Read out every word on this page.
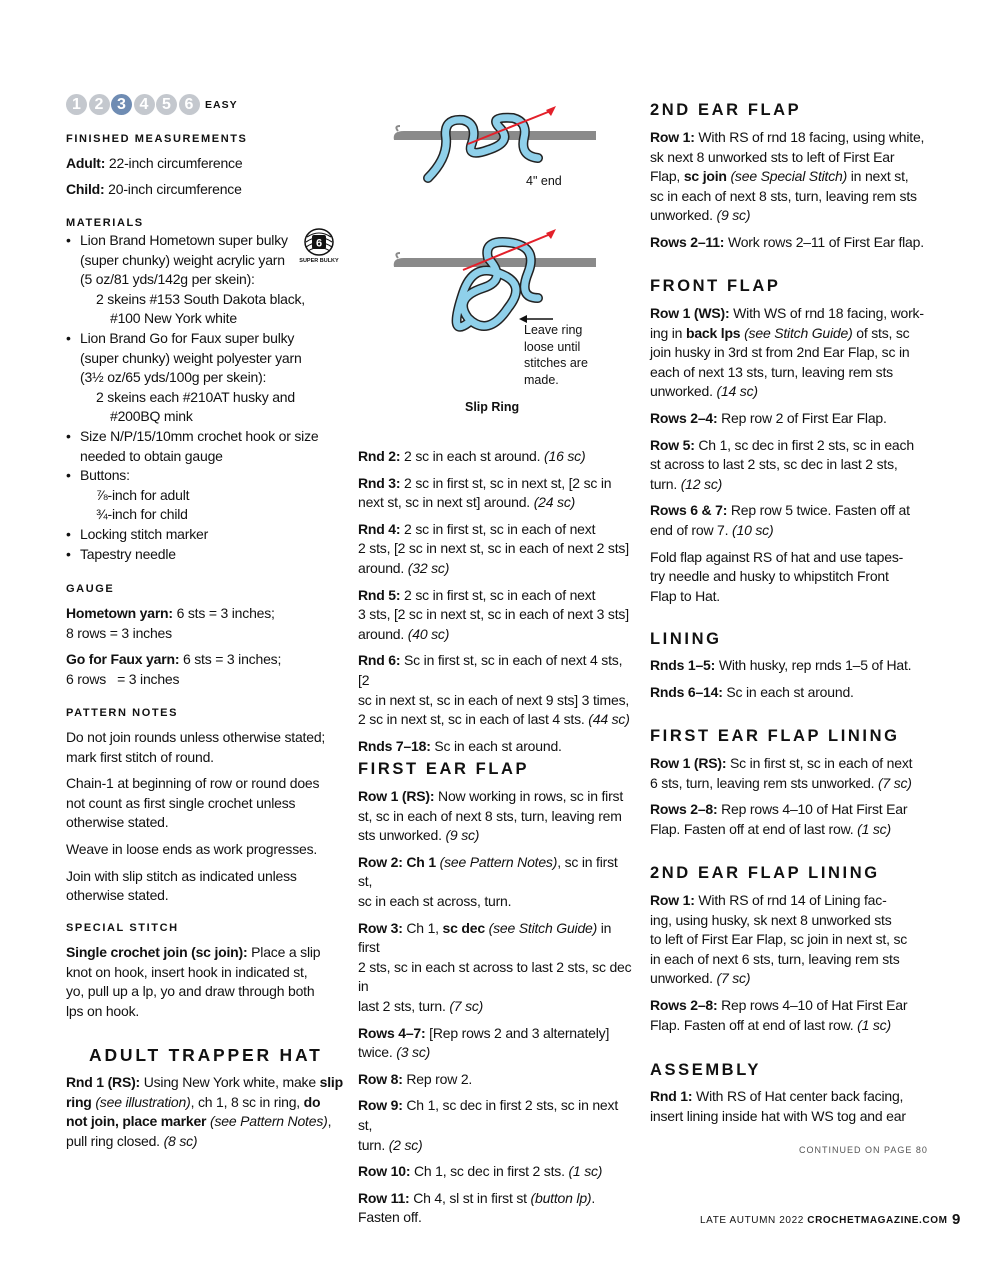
1 2 3 4 5 6	EASY
6
SUPER BULKY

FINISHED MEASUREMENTS

Adult: 22-inch circumference

Child: 20-inch circumference

MATERIALS

• Lion Brand Hometown super bulky
(super chunky) weight acrylic yarn
(5 oz/81 yds/142g per skein):
2 skeins #153 South Dakota black,
#100 New York white
• Lion Brand Go for Faux super bulky
(super chunky) weight polyester yarn
(3½ oz/65 yds/100g per skein):
2 skeins each #210AT husky and
#200BQ mink
• Size N/P/15/10mm crochet hook or size
needed to obtain gauge
• Buttons:
⅞-inch for adult
¾-inch for child
• Locking stitch marker
• Tapestry needle

GAUGE

Hometown yarn: 6 sts = 3 inches;

8 rows = 3 inches

Go for Faux yarn: 6 sts = 3 inches;

6 rows   = 3 inches

PATTERN NOTES

Do not join rounds unless otherwise stated;

mark first stitch of round.

Chain-1 at beginning of row or round does

not count as first single crochet unless

otherwise stated.

Weave in loose ends as work progresses.

Join with slip stitch as indicated unless

otherwise stated.

SPECIAL STITCH

Single crochet join (sc join): Place a slip

knot on hook, insert hook in indicated st,

yo, pull up a lp, yo and draw through both

lps on hook.

ADULT TRAPPER HAT

Rnd 1 (RS): Using New York white, make slip

ring (see illustration), ch 1, 8 sc in ring, do

not join, place marker (see Pattern Notes),

pull ring closed. (8 sc)

4" end
Leave ring
loose until
stitches are
made.
Slip Ring

Rnd 2: 2 sc in each st around. (16 sc)

Rnd 3: 2 sc in first st, sc in next st, [2 sc in

next st, sc in next st] around. (24 sc)

Rnd 4: 2 sc in first st, sc in each of next

2 sts, [2 sc in next st, sc in each of next 2 sts]

around. (32 sc)

Rnd 5: 2 sc in first st, sc in each of next

3 sts, [2 sc in next st, sc in each of next 3 sts]

around. (40 sc)

Rnd 6: Sc in first st, sc in each of next 4 sts, [2

sc in next st, sc in each of next 9 sts] 3 times,

2 sc in next st, sc in each of last 4 sts. (44 sc)

Rnds 7–18: Sc in each st around.

FIRST EAR FLAP

Row 1 (RS): Now working in rows, sc in first

st, sc in each of next 8 sts, turn, leaving rem

sts unworked. (9 sc)

Row 2: Ch 1 (see Pattern Notes), sc in first st,

sc in each st across, turn.

Row 3: Ch 1, sc dec (see Stitch Guide) in first

2 sts, sc in each st across to last 2 sts, sc dec in

last 2 sts, turn. (7 sc)

Rows 4–7: [Rep rows 2 and 3 alternately]

twice. (3 sc)

Row 8: Rep row 2.

Row 9: Ch 1, sc dec in first 2 sts, sc in next st,

turn. (2 sc)

Row 10: Ch 1, sc dec in first 2 sts. (1 sc)

Row 11: Ch 4, sl st in first st (button lp).

Fasten off.

2ND EAR FLAP

Row 1: With RS of rnd 18 facing, using white,

sk next 8 unworked sts to left of First Ear

Flap, sc join (see Special Stitch) in next st,

sc in each of next 8 sts, turn, leaving rem sts

unworked. (9 sc)

Rows 2–11: Work rows 2–11 of First Ear flap.

FRONT FLAP

Row 1 (WS): With WS of rnd 18 facing, work-

ing in back lps (see Stitch Guide) of sts, sc

join husky in 3rd st from 2nd Ear Flap, sc in

each of next 13 sts, turn, leaving rem sts

unworked. (14 sc)

Rows 2–4: Rep row 2 of First Ear Flap.

Row 5: Ch 1, sc dec in first 2 sts, sc in each

st across to last 2 sts, sc dec in last 2 sts,

turn. (12 sc)

Rows 6 & 7: Rep row 5 twice. Fasten off at

end of row 7. (10 sc)

Fold flap against RS of hat and use tapes-

try needle and husky to whipstitch Front

Flap to Hat.

LINING

Rnds 1–5: With husky, rep rnds 1–5 of Hat.

Rnds 6–14: Sc in each st around.

FIRST EAR FLAP LINING

Row 1 (RS): Sc in first st, sc in each of next

6 sts, turn, leaving rem sts unworked. (7 sc)

Rows 2–8: Rep rows 4–10 of Hat First Ear

Flap. Fasten off at end of last row. (1 sc)

2ND EAR FLAP LINING

Row 1: With RS of rnd 14 of Lining fac-

ing, using husky, sk next 8 unworked sts

to left of First Ear Flap, sc join in next st, sc

in each of next 6 sts, turn, leaving rem sts

unworked. (7 sc)

Rows 2–8: Rep rows 4–10 of Hat First Ear

Flap. Fasten off at end of last row. (1 sc)

ASSEMBLY

Rnd 1: With RS of Hat center back facing,

insert lining inside hat with WS tog and ear

CONTINUED ON PAGE 80
LATE AUTUMN 2022 CROCHETMAGAZINE.COM 9
